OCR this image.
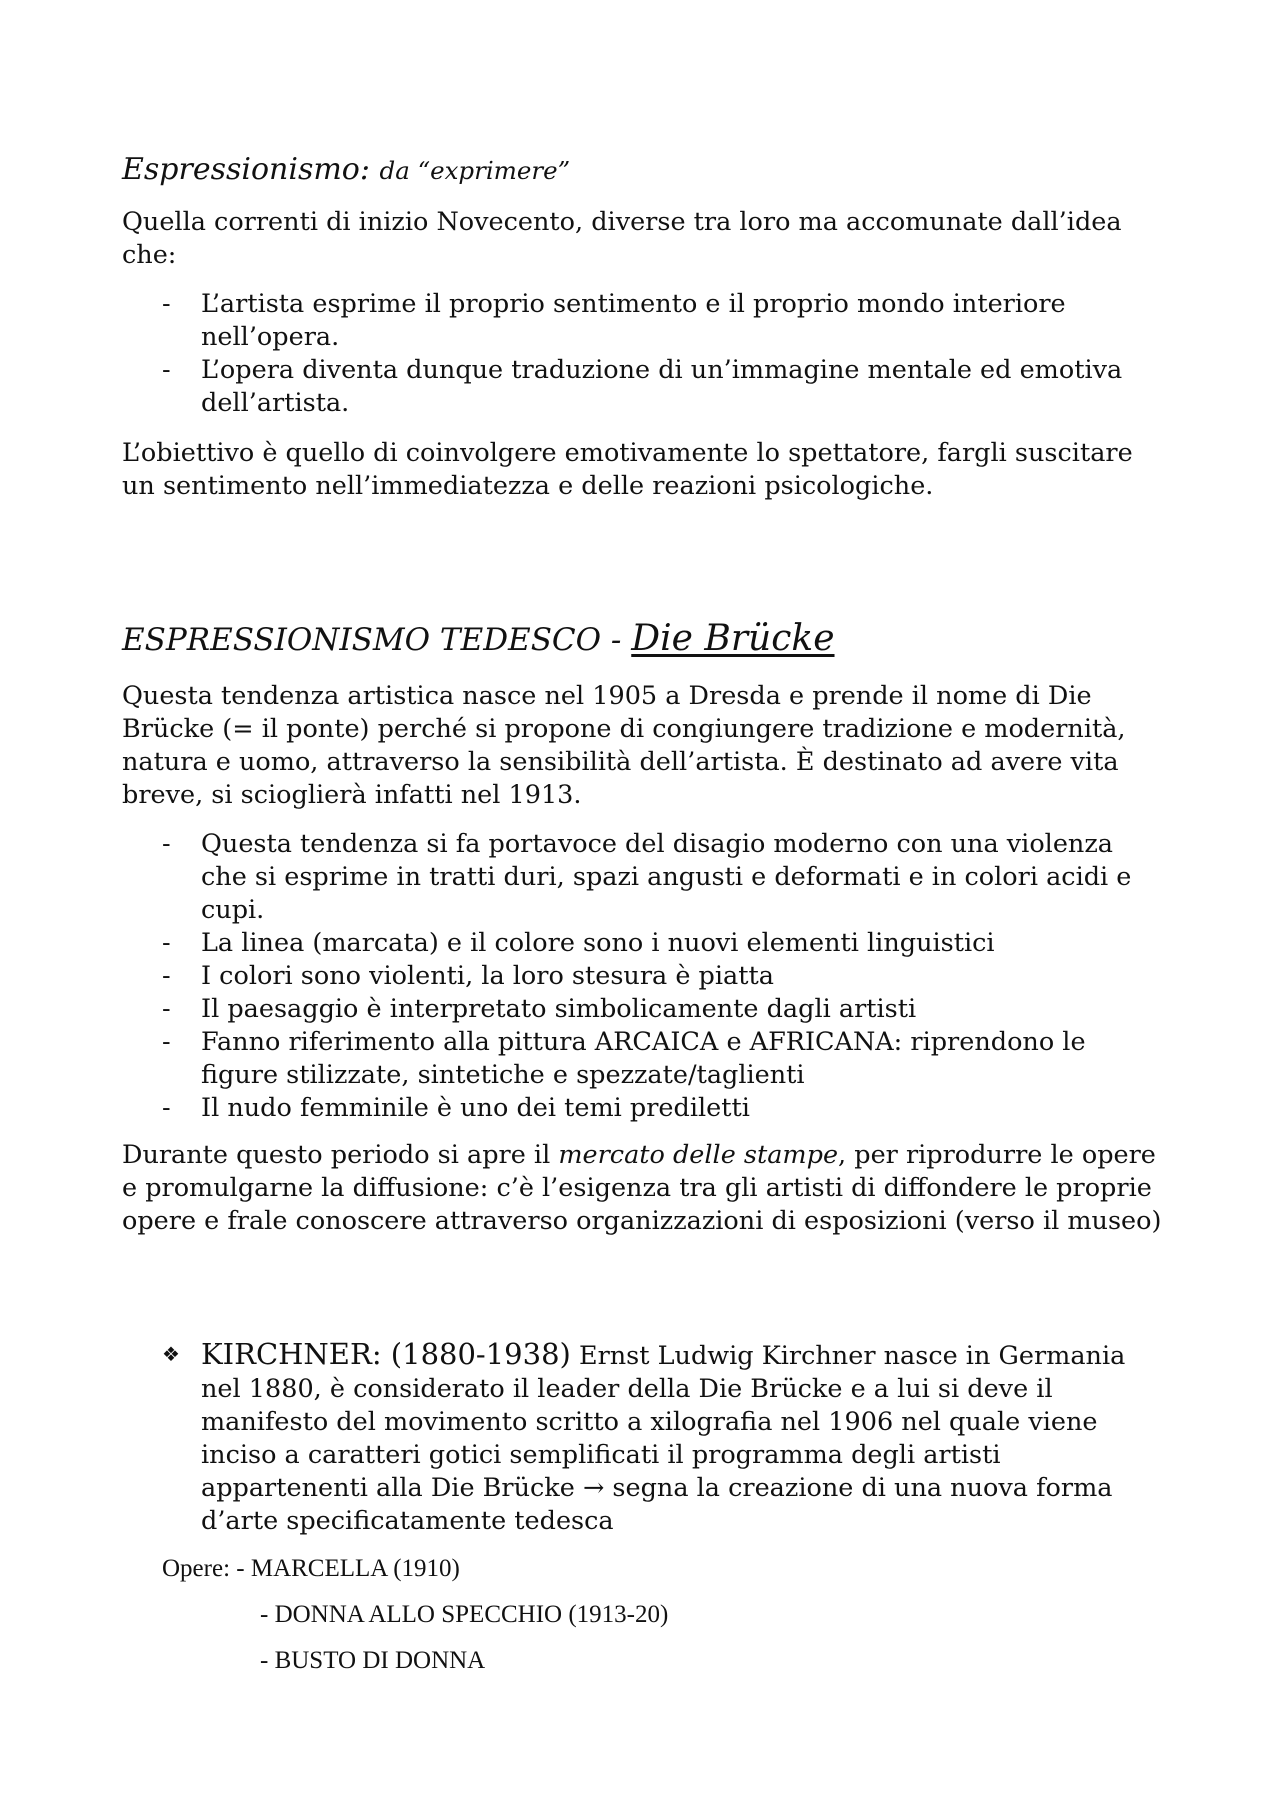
Espressionismo: da “exprimere”

Quella correnti di inizio Novecento, diverse tra loro ma accomunate dall’idea che:

- L’artista esprime il proprio sentimento e il proprio mondo interiore nell’opera.
- L’opera diventa dunque traduzione di un’immagine mentale ed emotiva dell’artista.

L’obiettivo è quello di coinvolgere emotivamente lo spettatore, fargli suscitare un sentimento nell’immediatezza e delle reazioni psicologiche.

ESPRESSIONISMO TEDESCO - Die Brücke

Questa tendenza artistica nasce nel 1905 a Dresda e prende il nome di Die Brücke (= il ponte) perché si propone di congiungere tradizione e modernità, natura e uomo, attraverso la sensibilità dell’artista. È destinato ad avere vita breve, si scioglierà infatti nel 1913.

- Questa tendenza si fa portavoce del disagio moderno con una violenza che si esprime in tratti duri, spazi angusti e deformati e in colori acidi e cupi.
- La linea (marcata) e il colore sono i nuovi elementi linguistici
- I colori sono violenti, la loro stesura è piatta
- Il paesaggio è interpretato simbolicamente dagli artisti
- Fanno riferimento alla pittura ARCAICA e AFRICANA: riprendono le figure stilizzate, sintetiche e spezzate/taglienti
- Il nudo femminile è uno dei temi prediletti

Durante questo periodo si apre il mercato delle stampe, per riprodurre le opere e promulgarne la diffusione: c’è l’esigenza tra gli artisti di diffondere le proprie opere e frale conoscere attraverso organizzazioni di esposizioni (verso il museo)

❖ KIRCHNER: (1880-1938) Ernst Ludwig Kirchner nasce in Germania nel 1880, è considerato il leader della Die Brücke e a lui si deve il manifesto del movimento scritto a xilografia nel 1906 nel quale viene inciso a caratteri gotici semplificati il programma degli artisti appartenenti alla Die Brücke → segna la creazione di una nuova forma d’arte specificatamente tedesca
Opere: - MARCELLA (1910)
- DONNA ALLO SPECCHIO (1913-20)
- BUSTO DI DONNA
